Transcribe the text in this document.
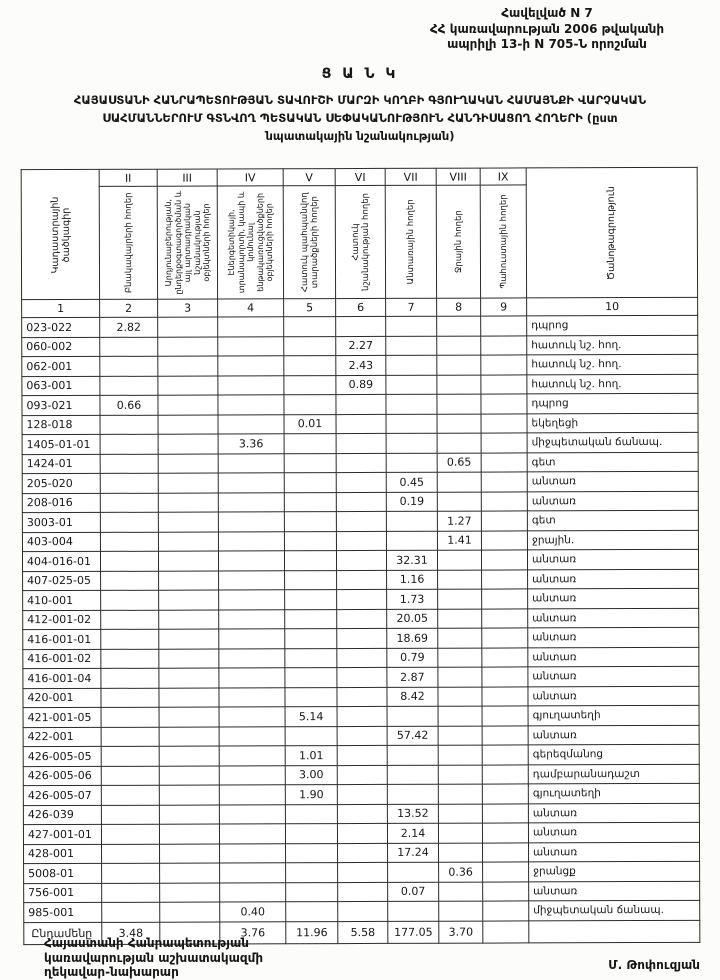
Հավելված N 7
ՀՀ կառավարության 2006 թվականի
ապրիլի 13-ի N 705-Ն որոշման
Ց Ա Ն Կ
ՀԱՅԱՍՏԱՆԻ ՀԱՆՐԱՊԵՏՈՒԹՅԱՆ ՏԱՎՈՒՇԻ ՄԱՐԶԻ ԿՈՂԲԻ ԳՅՈՒՂԱԿԱՆ ՀԱՄԱՅՆՔԻ ՎԱՐՉԱԿԱՆ
ՍԱՀՄԱՆՆԵՐՈՒՄ ԳՏՆՎՈՂ ՊԵՏԱԿԱՆ ՍԵՓԱԿԱՆՈՒԹՅՈՒՆ ՀԱՆԴԻՍԱՑՈՂ ՀՈՂԵՐԻ (ըստ
նպատակային նշանակության)
Կադաստրային ծածկագիր	II	III	IV	V	VI	VII	VIII	IX	Ծանոթագրություն

Բնակավայրերի հողեր	Արդյունաբերության, ընդերքօգտագործման և այլ արտադրական նշանակության օբյեկտների հողեր	Էներգետիկայի, տրանսպորտի, կապի և կոմունալ ենթակառուցվածքների օբյեկտների հողեր	Հատուկ պահպանվող տարածքների հողեր	Հատուկ նշանակության հողեր	Անտառային հողեր	Ջրային հողեր	Պահուստային հողեր	

1	2	3	4	5	6	7	8	9	10
023-022	2.82								դպրոց
060-002					2.27				հատուկ նշ. հող.
062-001					2.43				հատուկ նշ. հող.
063-001					0.89				հատուկ նշ. հող.
093-021	0.66								դպրոց
128-018				0.01					եկեղեցի
1405-01-01			3.36						միջպետական ճանապ.
1424-01							0.65		գետ
205-020						0.45			անտառ
208-016						0.19			անտառ
3003-01							1.27		գետ
403-004							1.41		ջրային.
404-016-01						32.31			անտառ
407-025-05						1.16			անտառ
410-001						1.73			անտառ
412-001-02						20.05			անտառ
416-001-01						18.69			անտառ
416-001-02						0.79			անտառ
416-001-04						2.87			անտառ
420-001						8.42			անտառ
421-001-05				5.14					գյուղատեղի
422-001						57.42			անտառ
426-005-05				1.01					գերեզմանոց
426-005-06				3.00					դամբարանադաշտ
426-005-07				1.90					գյուղատեղի
426-039						13.52			անտառ
427-001-01						2.14			անտառ
428-001						17.24			անտառ
5008-01							0.36		ջրանցք
756-001						0.07			անտառ
985-001			0.40						միջպետական ճանապ.
Ընդամենը	3.48		3.76	11.96	5.58	177.05	3.70		
Հայաստանի Հանրապետության
կառավարության աշխատակազմի
ղեկավար-նախարար
Մ. Թոփուզյան
